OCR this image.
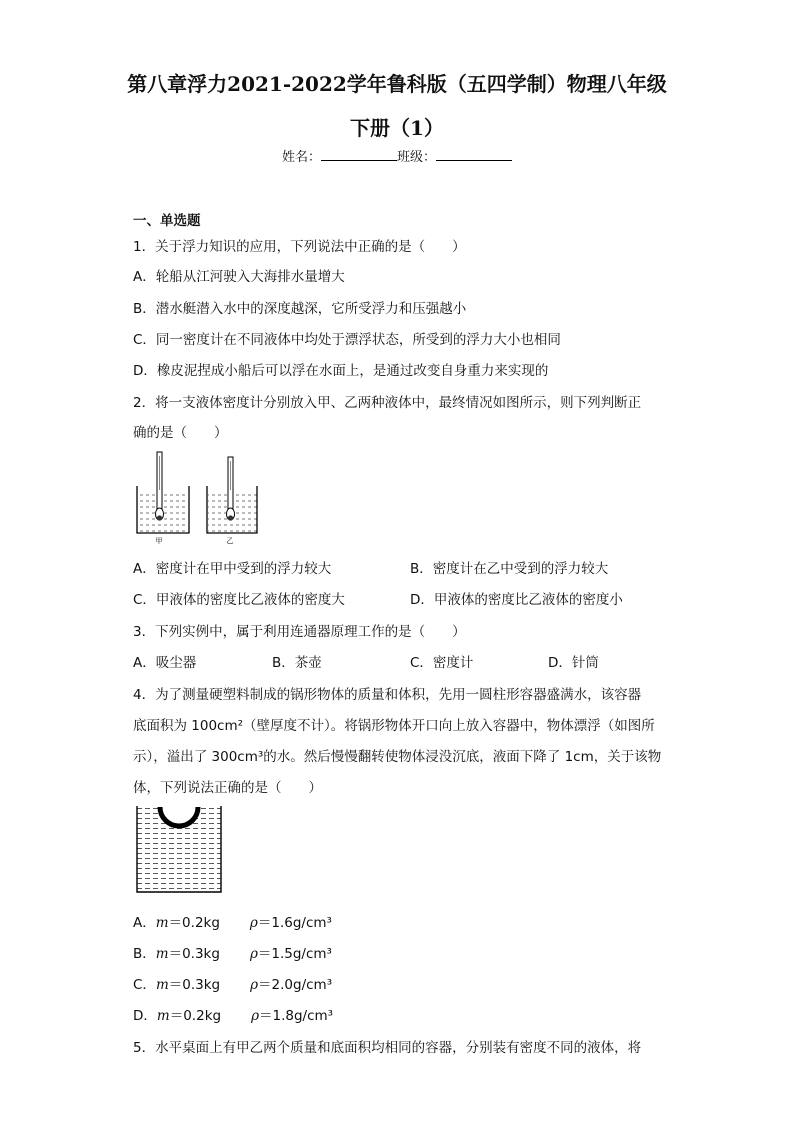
第八章浮力2021-2022学年鲁科版（五四学制）物理八年级
下册（1）
姓名：	班级：
一、单选题
1．关于浮力知识的应用，下列说法中正确的是（　　）
A．轮船从江河驶入大海排水量增大
B．潜水艇潜入水中的深度越深，它所受浮力和压强越小
C．同一密度计在不同液体中均处于漂浮状态，所受到的浮力大小也相同
D．橡皮泥捏成小船后可以浮在水面上，是通过改变自身重力来实现的
2．将一支液体密度计分别放入甲、乙两种液体中，最终情况如图所示，则下列判断正
确的是（　　）
甲	乙
A．密度计在甲中受到的浮力较大	B．密度计在乙中受到的浮力较大
C．甲液体的密度比乙液体的密度大	D．甲液体的密度比乙液体的密度小
3．下列实例中，属于利用连通器原理工作的是（　　）
A．吸尘器	B．茶壶	C．密度计	D．针筒
4．为了测量硬塑料制成的锅形物体的质量和体积，先用一圆柱形容器盛满水，该容器
底面积为 100cm²（壁厚度不计）。将锅形物体开口向上放入容器中，物体漂浮（如图所
示），溢出了 300cm³的水。然后慢慢翻转使物体浸没沉底，液面下降了 1cm，关于该物
体，下列说法正确的是（　　）
A．m＝0.2kg ρ＝1.6g/cm³
B．m＝0.3kg ρ＝1.5g/cm³
C．m＝0.3kg ρ＝2.0g/cm³
D．m＝0.2kg ρ＝1.8g/cm³
5．水平桌面上有甲乙两个质量和底面积均相同的容器，分别装有密度不同的液体，将
